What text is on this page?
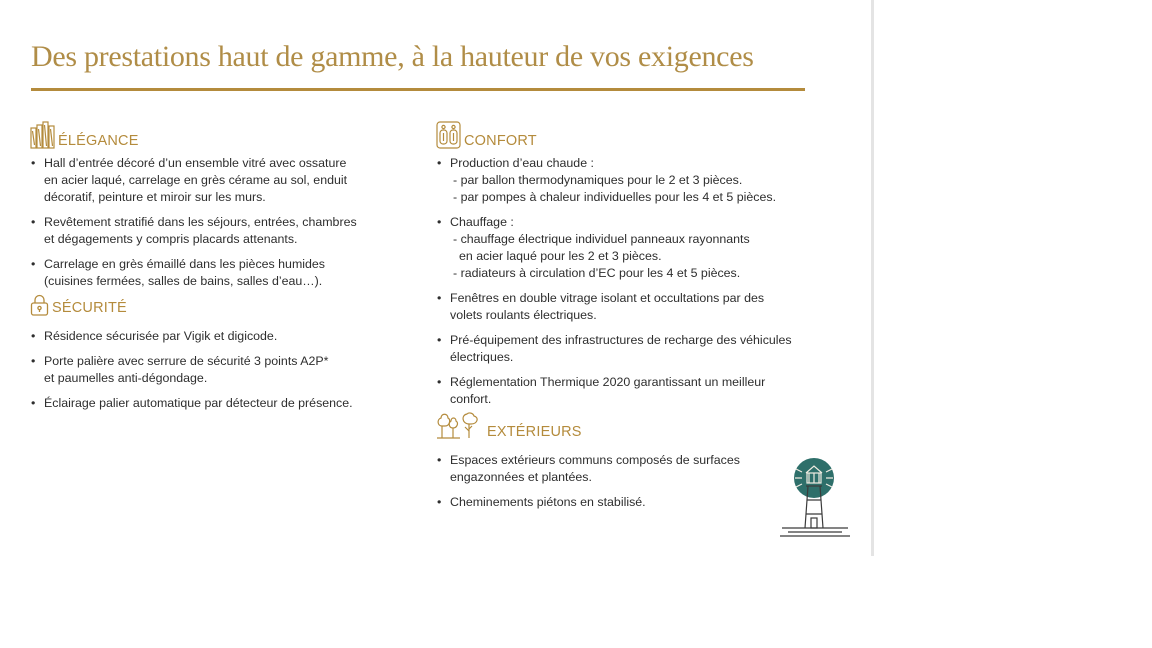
Des prestations haut de gamme, à la hauteur de vos exigences
ÉLÉGANCE
• Hall d’entrée décoré d’un ensemble vitré avec ossature
en acier laqué, carrelage en grès cérame au sol, enduit
décoratif, peinture et miroir sur les murs.
• Revêtement stratifié dans les séjours, entrées, chambres
et dégagements y compris placards attenants.
• Carrelage en grès émaillé dans les pièces humides
(cuisines fermées, salles de bains, salles d’eau…).
SÉCURITÉ
• Résidence sécurisée par Vigik et digicode.
• Porte palière avec serrure de sécurité 3 points A2P*
et paumelles anti-dégondage.
• Éclairage palier automatique par détecteur de présence.
CONFORT
• Production d’eau chaude :
- par ballon thermodynamiques pour le 2 et 3 pièces.
- par pompes à chaleur individuelles pour les 4 et 5 pièces.
• Chauffage :
- chauffage électrique individuel panneaux rayonnants
en acier laqué pour les 2 et 3 pièces.
- radiateurs à circulation d’EC pour les 4 et 5 pièces.
• Fenêtres en double vitrage isolant et occultations par des
volets roulants électriques.
• Pré-équipement des infrastructures de recharge des véhicules
électriques.
• Réglementation Thermique 2020 garantissant un meilleur
confort.
EXTÉRIEURS
• Espaces extérieurs communs composés de surfaces
engazonnées et plantées.
• Cheminements piétons en stabilisé.
